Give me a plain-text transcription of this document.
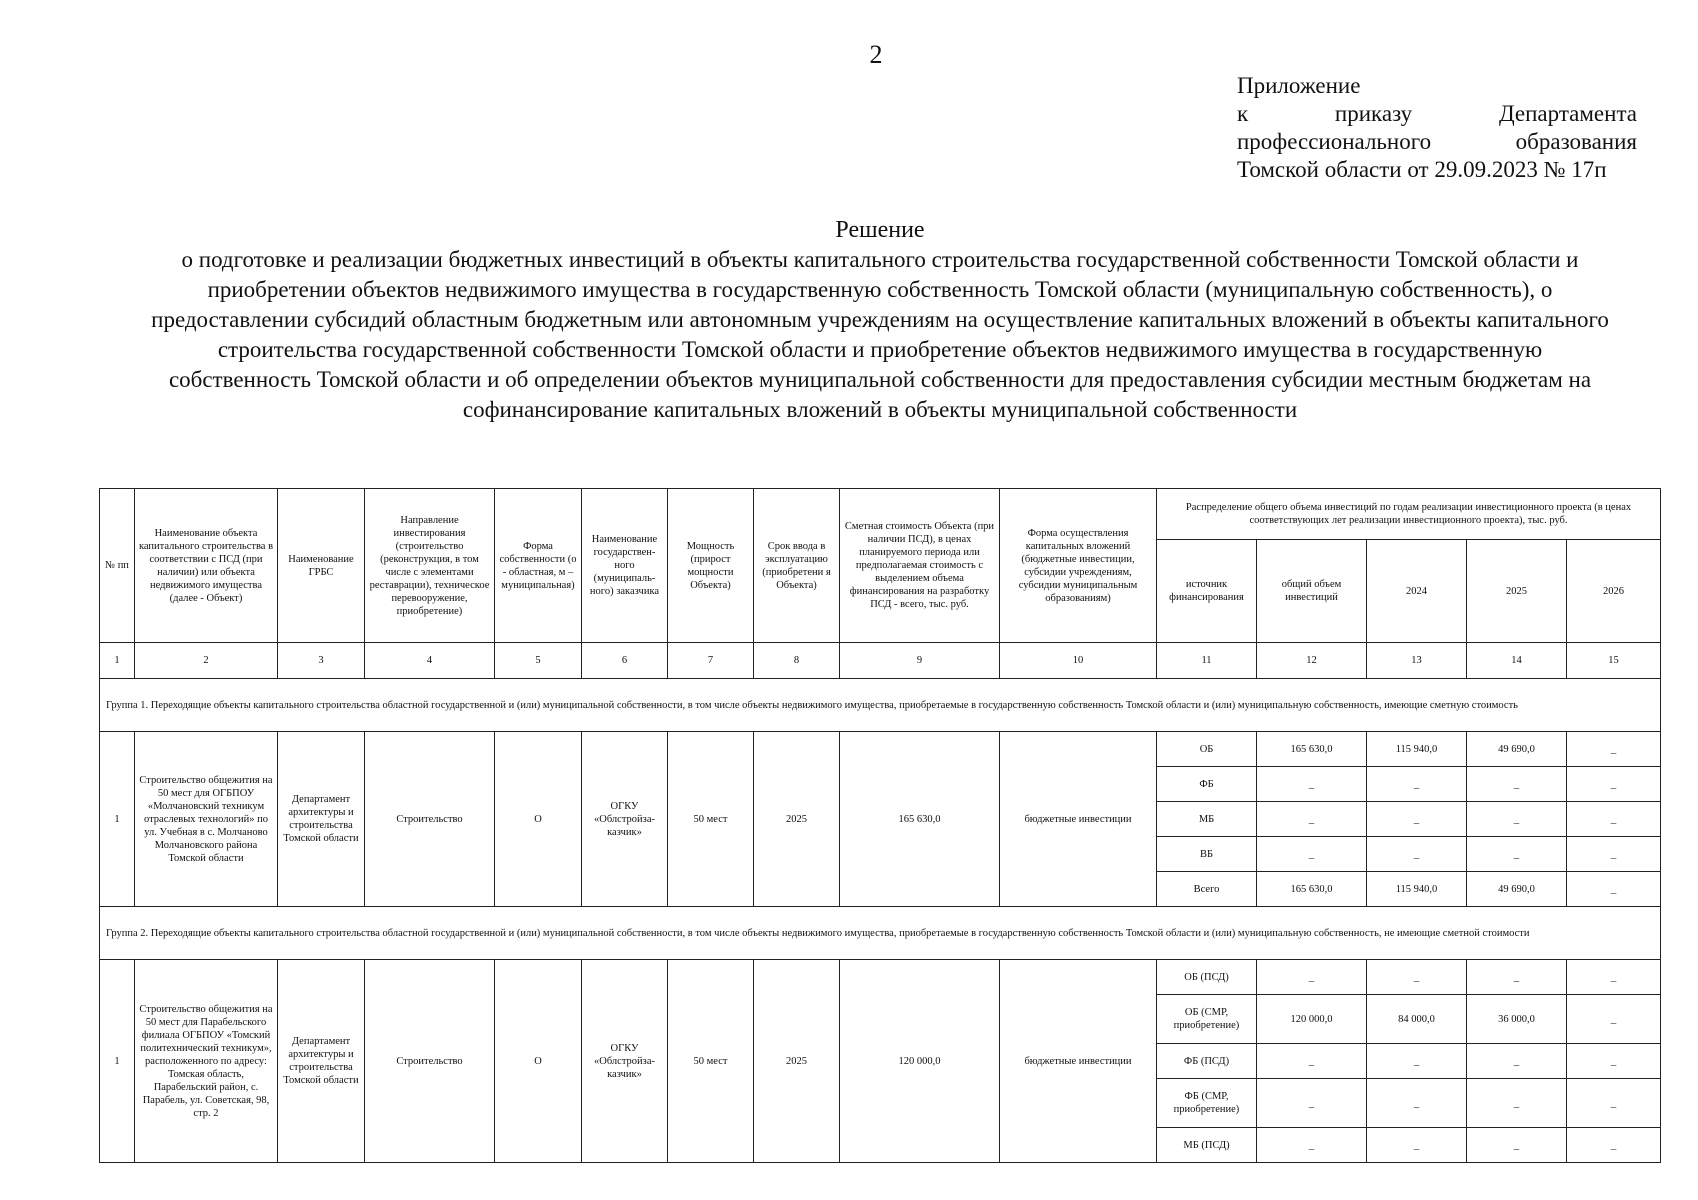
2
Приложение
к приказу Департамента
профессионального образования
Томской области от 29.09.2023 № 17п
Решение
о подготовке и реализации бюджетных инвестиций в объекты капитального строительства государственной собственности Томской области и приобретении объектов недвижимого имущества в государственную собственность Томской области (муниципальную собственность), о предоставлении субсидий областным бюджетным или автономным учреждениям на осуществление капитальных вложений в объекты капитального строительства государственной собственности Томской области и приобретение объектов недвижимого имущества в государственную собственность Томской области и об определении объектов муниципальной собственности для предоставления субсидии местным бюджетам на софинансирование капитальных вложений в объекты муниципальной собственности
№ пп	Наименование объекта капитального строительства в соответствии с ПСД (при наличии) или объекта недвижимого имущества (далее - Объект)	Наименование ГРБС	Направление инвестирования (строительство (реконструкция, в том числе с элементами реставрации), техническое перевооружение, приобретение)	Форма собственности (о - областная, м – муниципальная)	Наименование государствен-ного (муниципаль-ного) заказчика	Мощность (прирост мощности Объекта)	Срок ввода в эксплуатацию (приобретени я Объекта)	Сметная стоимость Объекта (при наличии ПСД), в ценах планируемого периода или предполагаемая стоимость с выделением объема финансирования на разработку ПСД - всего, тыс. руб.	Форма осуществления капитальных вложений (бюджетные инвестиции, субсидии учреждениям, субсидии муниципальным образованиям)	Распределение общего объема инвестиций по годам реализации инвестиционного проекта (в ценах соответствующих лет реализации инвестиционного проекта), тыс. руб.				
										источник финансирования	общий объем инвестиций	2024	2025	2026
1	2	3	4	5	6	7	8	9	10	11	12	13	14	15
Группа 1. Переходящие объекты капитального строительства областной государственной и (или) муниципальной собственности, в том числе объекты недвижимого имущества, приобретаемые в государственную собственность Томской области и (или) муниципальную собственность, имеющие сметную стоимость														
1	Строительство общежития на 50 мест для ОГБПОУ «Молчановский техникум отраслевых технологий» по ул. Учебная в с. Молчаново Молчановского района Томской области	Департамент архитектуры и строительства Томской области	Строительство	О	ОГКУ «Облстройза-казчик»	50 мест	2025	165 630,0	бюджетные инвестиции	ОБ	165 630,0	115 940,0	49 690,0	_
										ФБ	_	_	_	_
										МБ	_	_	_	_
										ВБ	_	_	_	_
										Всего	165 630,0	115 940,0	49 690,0	_
Группа 2. Переходящие объекты капитального строительства областной государственной и (или) муниципальной собственности, в том числе объекты недвижимого имущества, приобретаемые в государственную собственность Томской области и (или) муниципальную собственность, не имеющие сметной стоимости														
1	Строительство общежития на 50 мест для Парабельского филиала ОГБПОУ «Томский политехнический техникум», расположенного по адресу: Томская область, Парабельский район, с. Парабель, ул. Советская, 98, стр. 2	Департамент архитектуры и строительства Томской области	Строительство	О	ОГКУ «Облстройза-казчик»	50 мест	2025	120 000,0	бюджетные инвестиции	ОБ (ПСД)	_	_	_	_
										ОБ (СМР, приобретение)	120 000,0	84 000,0	36 000,0	_
										ФБ (ПСД)	_	_	_	_
										ФБ (СМР, приобретение)	_	_	_	_
										МБ (ПСД)	_	_	_	_
